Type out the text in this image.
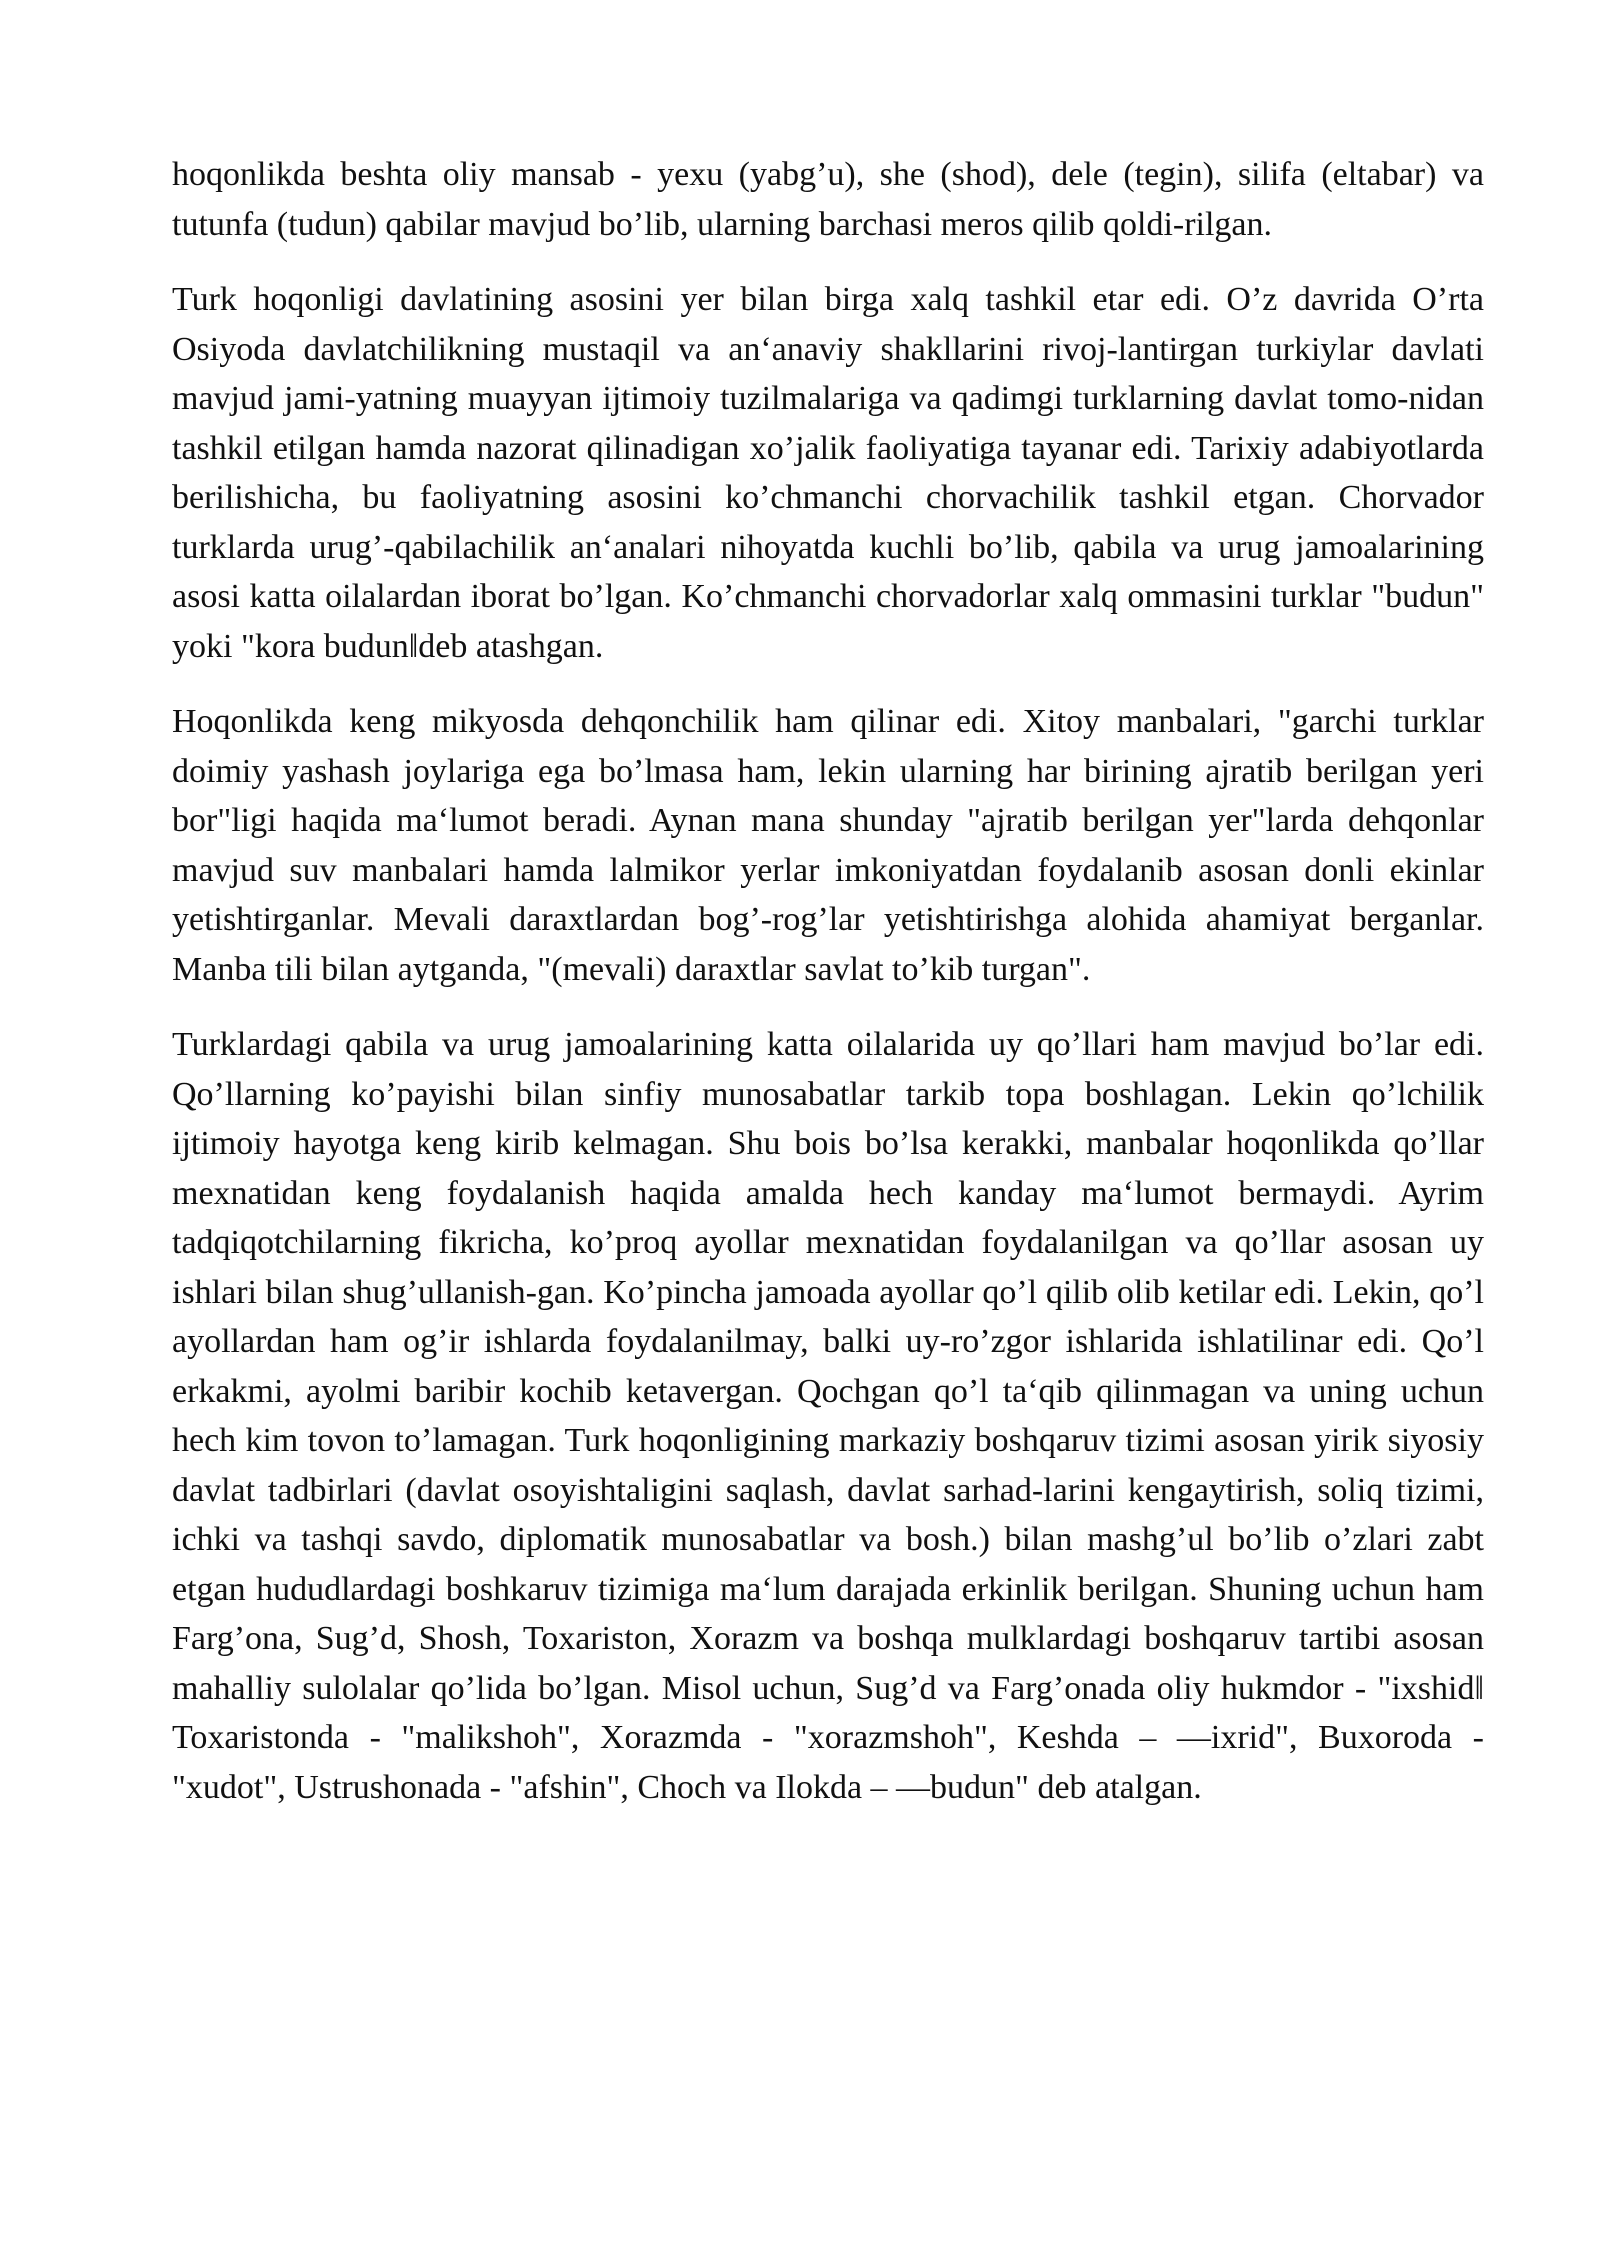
hoqonlikda beshta oliy mansab - yexu (yabg’u), she (shod), dele (tegin), silifa (eltabar) va tutunfa (tudun) qabilar mavjud bo’lib, ularning barchasi meros qilib qoldi-rilgan.

Turk hoqonligi davlatining asosini yer bilan birga xalq tashkil etar edi. O’z davrida O’rta Osiyoda davlatchilikning mustaqil va an‘anaviy shakllarini rivoj-lantirgan turkiylar davlati mavjud jami-yatning muayyan ijtimoiy tuzilmalariga va qadimgi turklarning davlat tomo-nidan tashkil etilgan hamda nazorat qilinadigan xo’jalik faoliyatiga tayanar edi. Tarixiy adabiyotlarda berilishicha, bu faoliyatning asosini ko’chmanchi chorvachilik tashkil etgan. Chorvador turklarda urug’-qabilachilik an‘analari nihoyatda kuchli bo’lib, qabila va urug jamoalarining asosi katta oilalardan iborat bo’lgan. Ko’chmanchi chorvadorlar xalq ommasini turklar "budun" yoki "kora budun‖deb atashgan.

Hoqonlikda keng mikyosda dehqonchilik ham qilinar edi. Xitoy manbalari, "garchi turklar doimiy yashash joylariga ega bo’lmasa ham, lekin ularning har birining ajratib berilgan yeri bor"ligi haqida ma‘lumot beradi. Aynan mana shunday "ajratib berilgan yer"larda dehqonlar mavjud suv manbalari hamda lalmikor yerlar imkoniyatdan foydalanib asosan donli ekinlar yetishtirganlar. Mevali daraxtlardan bog’-rog’lar yetishtirishga alohida ahamiyat berganlar. Manba tili bilan aytganda, "(mevali) daraxtlar savlat to’kib turgan".

Turklardagi qabila va urug jamoalarining katta oilalarida uy qo’llari ham mavjud bo’lar edi. Qo’llarning ko’payishi bilan sinfiy munosabatlar tarkib topa boshlagan. Lekin qo’lchilik ijtimoiy hayotga keng kirib kelmagan. Shu bois bo’lsa kerakki, manbalar hoqonlikda qo’llar mexnatidan keng foydalanish haqida amalda hech kanday ma‘lumot bermaydi. Ayrim tadqiqotchilarning fikricha, ko’proq ayollar mexnatidan foydalanilgan va qo’llar asosan uy ishlari bilan shug’ullanish-gan. Ko’pincha jamoada ayollar qo’l qilib olib ketilar edi. Lekin, qo’l ayollardan ham og’ir ishlarda foydalanilmay, balki uy-ro’zgor ishlarida ishlatilinar edi. Qo’l erkakmi, ayolmi baribir kochib ketavergan. Qochgan qo’l ta‘qib qilinmagan va uning uchun hech kim tovon to’lamagan. Turk hoqonligining markaziy boshqaruv tizimi asosan yirik siyosiy davlat tadbirlari (davlat osoyishtaligini saqlash, davlat sarhad-larini kengaytirish, soliq tizimi, ichki va tashqi savdo, diplomatik munosabatlar va bosh.) bilan mashg’ul bo’lib o’zlari zabt etgan hududlardagi boshkaruv tizimiga ma‘lum darajada erkinlik berilgan. Shuning uchun ham Farg’ona, Sug’d, Shosh, Toxariston, Xorazm va boshqa mulklardagi boshqaruv tartibi asosan mahalliy sulolalar qo’lida bo’lgan. Misol uchun, Sug’d va Farg’onada oliy hukmdor - "ixshid‖ Toxaristonda - "malikshoh", Xorazmda - "xorazmshoh", Keshda – ―ixrid", Buxoroda - "xudot", Ustrushonada - "afshin", Choch va Ilokda – ―budun" deb atalgan.
